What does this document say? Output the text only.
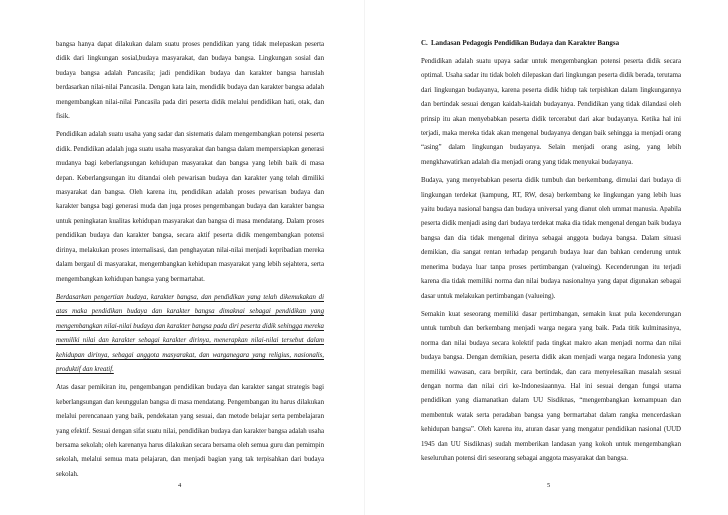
bangsa hanya dapat dilakukan dalam suatu proses pendidikan yang tidak melepaskan peserta didik dari lingkungan sosial,budaya masyarakat, dan budaya bangsa. Lingkungan sosial dan budaya bangsa adalah Pancasila; jadi pendidikan budaya dan karakter bangsa haruslah berdasarkan nilai-nilai Pancasila. Dengan kata lain, mendidik budaya dan karakter bangsa adalah mengembangkan nilai-nilai Pancasila pada diri peserta didik melalui pendidikan hati, otak, dan fisik.

Pendidikan adalah suatu usaha yang sadar dan sistematis dalam mengembangkan potensi peserta didik. Pendidikan adalah juga suatu usaha masyarakat dan bangsa dalam mempersiapkan generasi mudanya bagi keberlangsungan kehidupan masyarakat dan bangsa yang lebih baik di masa depan. Keberlangsungan itu ditandai oleh pewarisan budaya dan karakter yang telah dimiliki masyarakat dan bangsa. Oleh karena itu, pendidikan adalah proses pewarisan budaya dan karakter bangsa bagi generasi muda dan juga proses pengembangan budaya dan karakter bangsa untuk peningkatan kualitas kehidupan masyarakat dan bangsa di masa mendatang. Dalam proses pendidikan budaya dan karakter bangsa, secara aktif peserta didik mengembangkan potensi dirinya, melakukan proses internalisasi, dan penghayatan nilai-nilai menjadi kepribadian mereka dalam bergaul di masyarakat, mengembangkan kehidupan masyarakat yang lebih sejahtera, serta mengembangkan kehidupan bangsa yang bermartabat.

Berdasarkan pengertian budaya, karakter bangsa, dan pendidikan yang telah dikemukakan di atas maka pendidikan budaya dan karakter bangsa dimaknai sebagai pendidikan yang mengembangkan nilai-nilai budaya dan karakter bangsa pada diri peserta didik sehingga mereka memiliki nilai dan karakter sebagai karakter dirinya, menerapkan nilai-nilai tersebut dalam kehidupan dirinya, sebagai anggota masyarakat, dan warganegara yang religius, nasionalis, produktif dan kreatif.

Atas dasar pemikiran itu, pengembangan pendidikan budaya dan karakter sangat strategis bagi keberlangsungan dan keunggulan bangsa di masa mendatang. Pengembangan itu harus dilakukan melalui perencanaan yang baik, pendekatan yang sesuai, dan metode belajar serta pembelajaran yang efektif. Sesuai dengan sifat suatu nilai, pendidikan budaya dan karakter bangsa adalah usaha bersama sekolah; oleh karenanya harus dilakukan secara bersama oleh semua guru dan pemimpin sekolah, melalui semua mata pelajaran, dan menjadi bagian yang tak terpisahkan dari budaya sekolah.

4
C. Landasan Pedagogis Pendidikan Budaya dan Karakter Bangsa

Pendidikan adalah suatu upaya sadar untuk mengembangkan potensi peserta didik secara optimal. Usaha sadar itu tidak boleh dilepaskan dari lingkungan peserta didik berada, terutama dari lingkungan budayanya, karena peserta didik hidup tak terpishkan dalam lingkungannya dan bertindak sesuai dengan kaidah-kaidah budayanya. Pendidikan yang tidak dilandasi oleh prinsip itu akan menyebabkan peserta didik tercerabut dari akar budayanya. Ketika hal ini terjadi, maka mereka tidak akan mengenal budayanya dengan baik sehingga ia menjadi orang “asing” dalam lingkungan budayanya. Selain menjadi orang asing, yang lebih mengkhawatirkan adalah dia menjadi orang yang tidak menyukai budayanya.

Budaya, yang menyebabkan peserta didik tumbuh dan berkembang, dimulai dari budaya di lingkungan terdekat (kampung, RT, RW, desa) berkembang ke lingkungan yang lebih luas yaitu budaya nasional bangsa dan budaya universal yang dianut oleh ummat manusia. Apabila peserta didik menjadi asing dari budaya terdekat maka dia tidak mengenal dengan baik budaya bangsa dan dia tidak mengenal dirinya sebagai anggota budaya bangsa. Dalam situasi demikian, dia sangat rentan terhadap pengaruh budaya luar dan bahkan cenderung untuk menerima budaya luar tanpa proses pertimbangan (valueing). Kecenderungan itu terjadi karena dia tidak memiliki norma dan nilai budaya nasionalnya yang dapat digunakan sebagai dasar untuk melakukan pertimbangan (valueing).

Semakin kuat seseorang memiliki dasar pertimbangan, semakin kuat pula kecenderungan untuk tumbuh dan berkembang menjadi warga negara yang baik. Pada titik kulminasinya, norma dan nilai budaya secara kolektif pada tingkat makro akan menjadi norma dan nilai budaya bangsa. Dengan demikian, peserta didik akan menjadi warga negara Indonesia yang memiliki wawasan, cara berpikir, cara bertindak, dan cara menyelesaikan masalah sesuai dengan norma dan nilai ciri ke-Indonesiaannya. Hal ini sesuai dengan fungsi utama pendidikan yang diamanatkan dalam UU Sisdiknas, “mengembangkan kemampuan dan membentuk watak serta peradaban bangsa yang bermartabat dalam rangka mencerdaskan kehidupan bangsa”. Oleh karena itu, aturan dasar yang mengatur pendidikan nasional (UUD 1945 dan UU Sisdiknas) sudah memberikan landasan yang kokoh untuk mengembangkan keseluruhan potensi diri seseorang sebagai anggota masyarakat dan bangsa.

5
